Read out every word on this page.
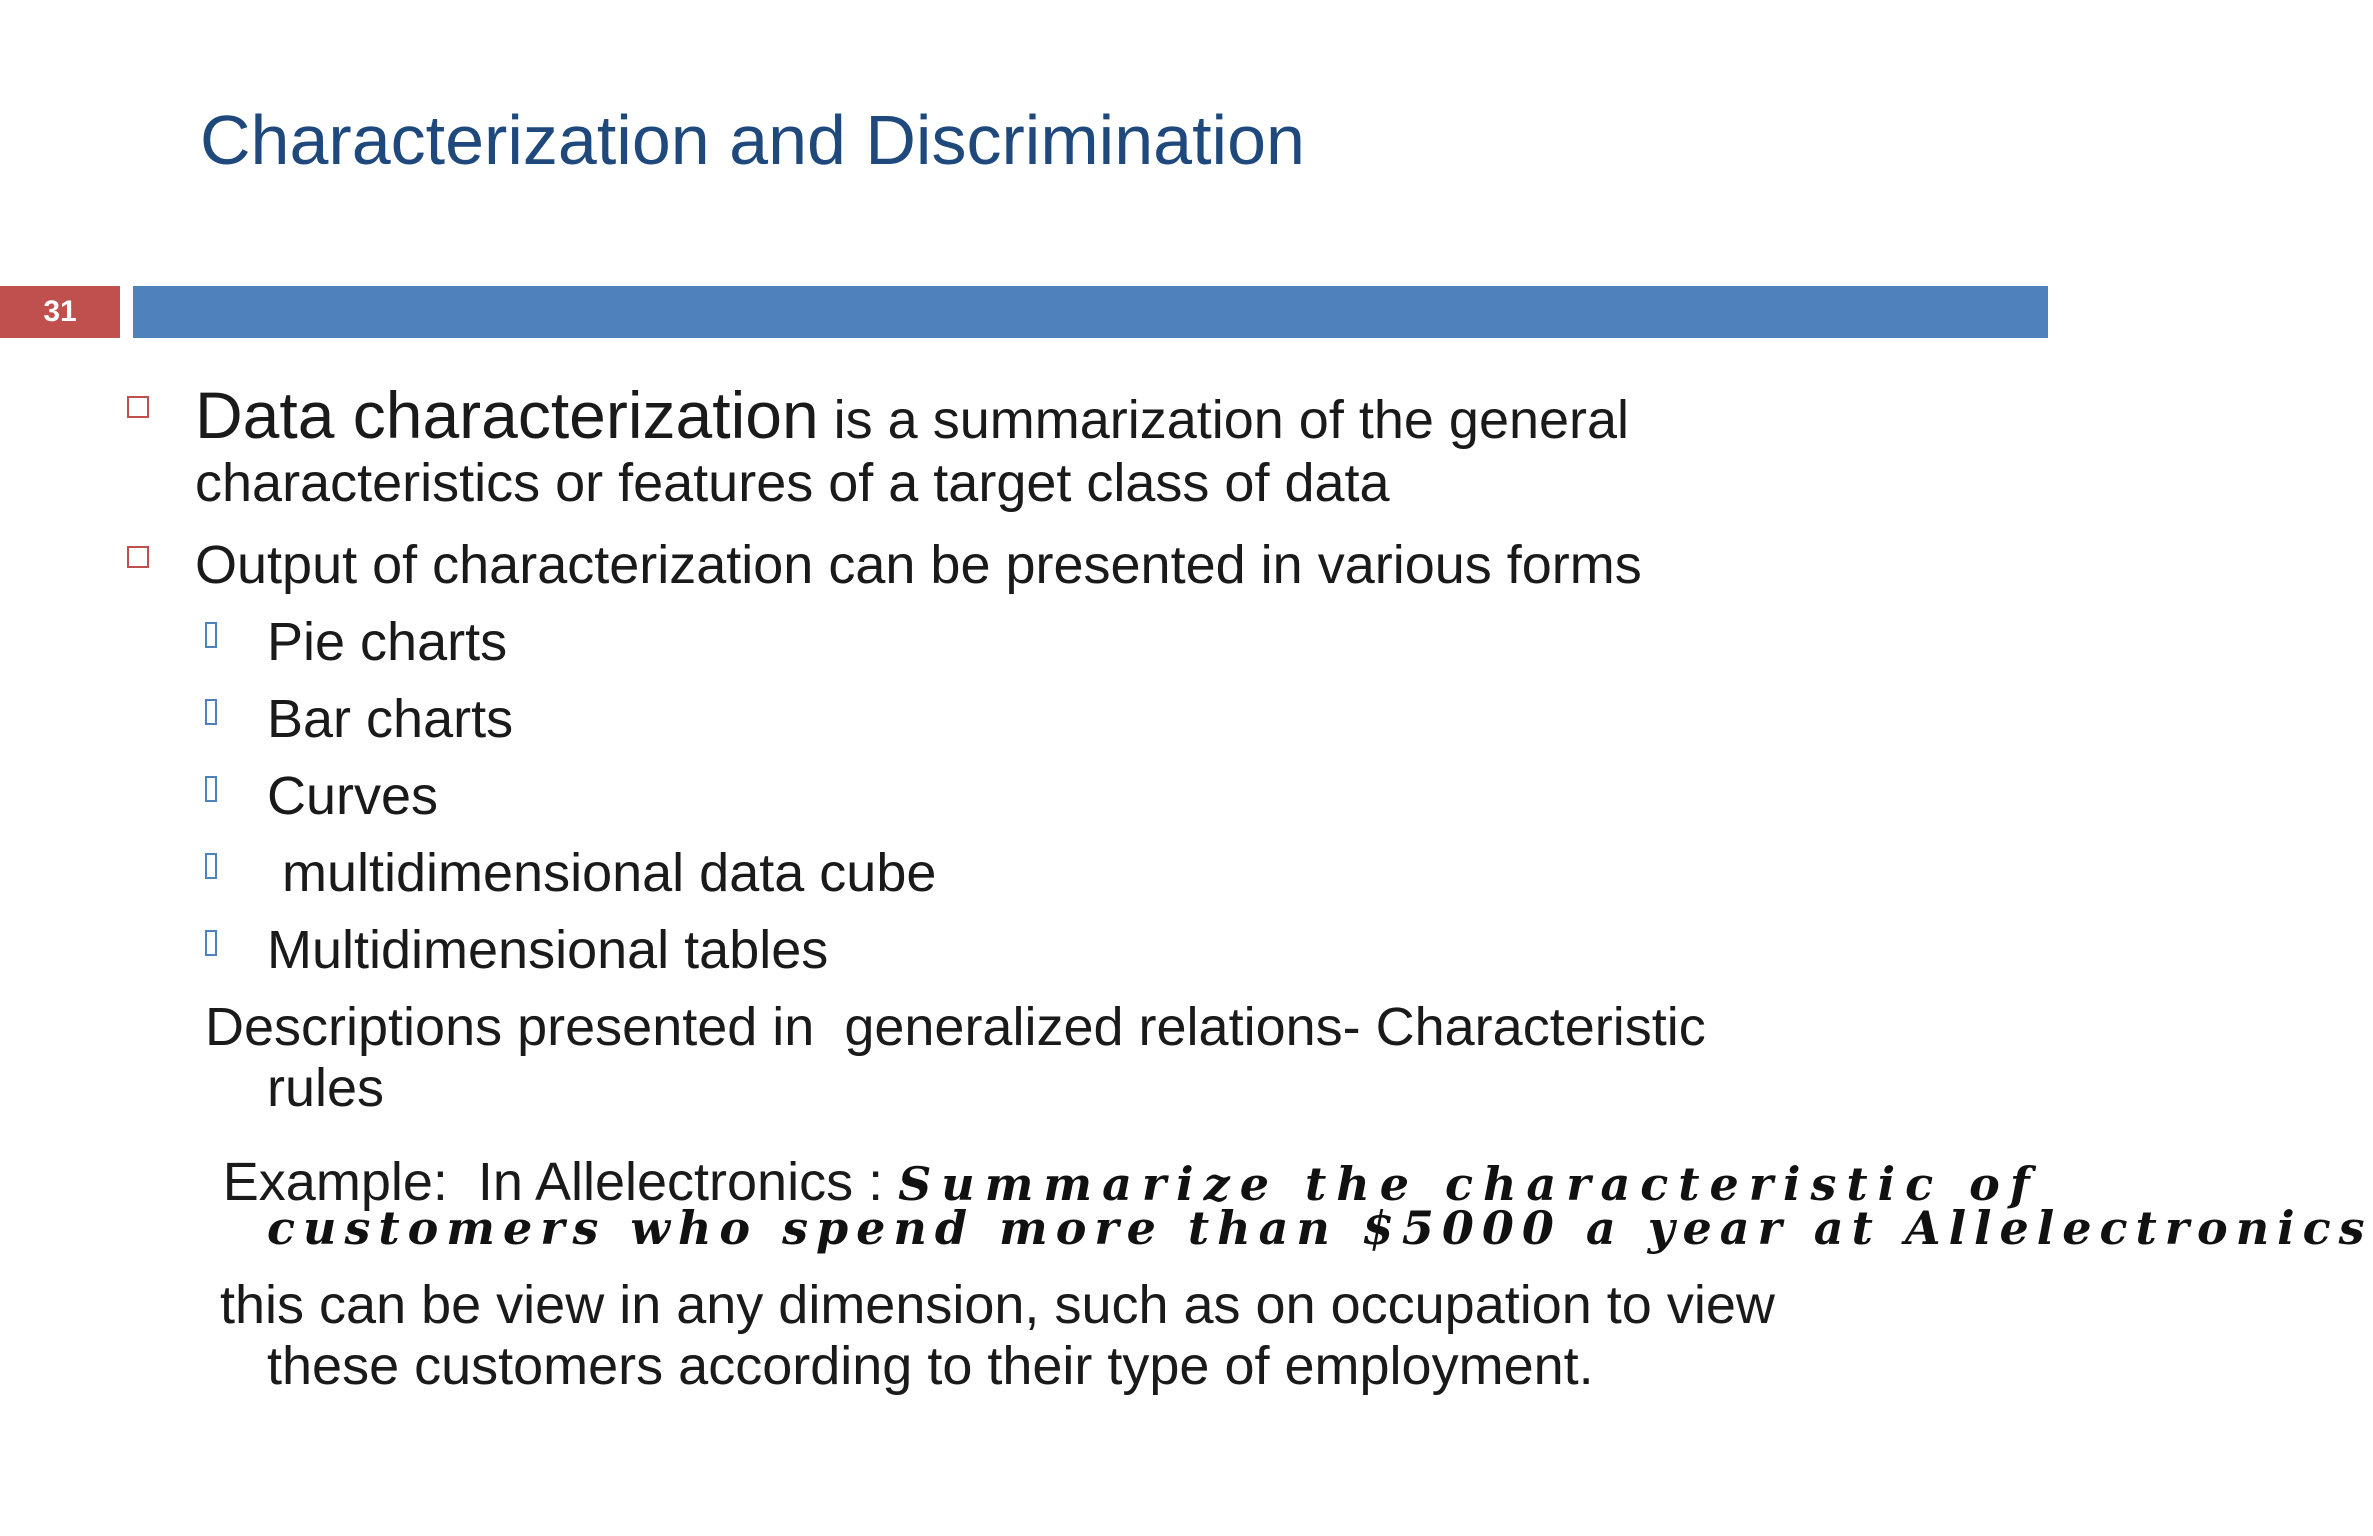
Characterization and Discrimination
31
Data characterization is a summarization of the general
characteristics or features of a target class of data
Output of characterization can be presented in various forms
Pie charts
Bar charts
Curves
multidimensional data cube
Multidimensional tables
Descriptions presented in  generalized relations- Characteristic
rules

Example:  In Allelectronics : Summarize the characteristic of

customers who spend more than $5000 a year at Allelectronics
this can be view in any dimension, such as on occupation to view
these customers according to their type of employment.
